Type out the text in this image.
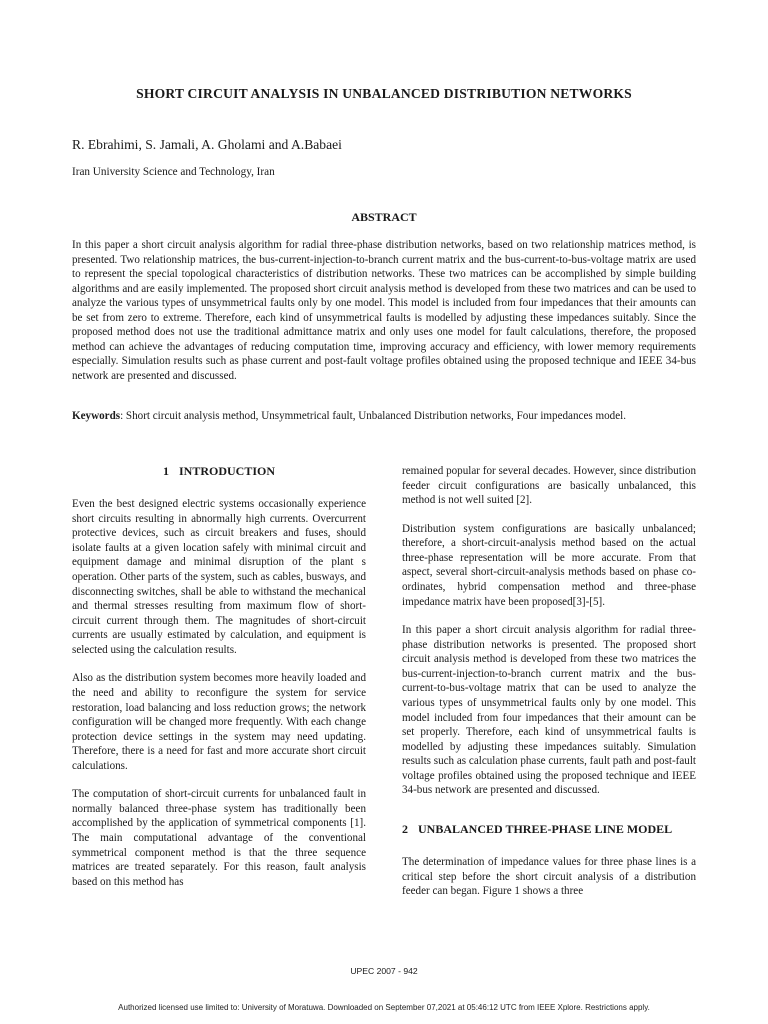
SHORT CIRCUIT ANALYSIS IN UNBALANCED DISTRIBUTION NETWORKS
R. Ebrahimi, S. Jamali, A. Gholami and A.Babaei
Iran University Science and Technology, Iran
ABSTRACT
In this paper a short circuit analysis algorithm for radial three-phase distribution networks, based on two relationship matrices method, is presented. Two relationship matrices, the bus-current-injection-to-branch current matrix and the bus-current-to-bus-voltage matrix are used to represent the special topological characteristics of distribution networks. These two matrices can be accomplished by simple building algorithms and are easily implemented. The proposed short circuit analysis method is developed from these two matrices and can be used to analyze the various types of unsymmetrical faults only by one model. This model is included from four impedances that their amounts can be set from zero to extreme. Therefore, each kind of unsymmetrical faults is modelled by adjusting these impedances suitably. Since the proposed method does not use the traditional admittance matrix and only uses one model for fault calculations, therefore, the proposed method can achieve the advantages of reducing computation time, improving accuracy and efficiency, with lower memory requirements especially. Simulation results such as phase current and post-fault voltage profiles obtained using the proposed technique and IEEE 34-bus network are presented and discussed.
Keywords: Short circuit analysis method, Unsymmetrical fault, Unbalanced Distribution networks, Four impedances model.
1 INTRODUCTION

Even the best designed electric systems occasionally experience short circuits resulting in abnormally high currents. Overcurrent protective devices, such as circuit breakers and fuses, should isolate faults at a given location safely with minimal circuit and equipment damage and minimal disruption of the plant s operation. Other parts of the system, such as cables, busways, and disconnecting switches, shall be able to withstand the mechanical and thermal stresses resulting from maximum flow of short-circuit current through them. The magnitudes of short-circuit currents are usually estimated by calculation, and equipment is selected using the calculation results.

Also as the distribution system becomes more heavily loaded and the need and ability to reconfigure the system for service restoration, load balancing and loss reduction grows; the network configuration will be changed more frequently. With each change protection device settings in the system may need updating. Therefore, there is a need for fast and more accurate short circuit calculations.

The computation of short-circuit currents for unbalanced fault in normally balanced three-phase system has traditionally been accomplished by the application of symmetrical components [1]. The main computational advantage of the conventional symmetrical component method is that the three sequence matrices are treated separately. For this reason, fault analysis based on this method has

remained popular for several decades. However, since distribution feeder circuit configurations are basically unbalanced, this method is not well suited [2].

Distribution system configurations are basically unbalanced; therefore, a short-circuit-analysis method based on the actual three-phase representation will be more accurate. From that aspect, several short-circuit-analysis methods based on phase co-ordinates, hybrid compensation method and three-phase impedance matrix have been proposed[3]-[5].

In this paper a short circuit analysis algorithm for radial three-phase distribution networks is presented. The proposed short circuit analysis method is developed from these two matrices the bus-current-injection-to-branch current matrix and the bus-current-to-bus-voltage matrix that can be used to analyze the various types of unsymmetrical faults only by one model. This model included from four impedances that their amount can be set properly. Therefore, each kind of unsymmetrical faults is modelled by adjusting these impedances suitably. Simulation results such as calculation phase currents, fault path and post-fault voltage profiles obtained using the proposed technique and IEEE 34-bus network are presented and discussed.

2 UNBALANCED THREE-PHASE LINE MODEL

The determination of impedance values for three phase lines is a critical step before the short circuit analysis of a distribution feeder can began. Figure 1 shows a three

UPEC 2007 - 942
Authorized licensed use limited to: University of Moratuwa. Downloaded on September 07,2021 at 05:46:12 UTC from IEEE Xplore. Restrictions apply.
